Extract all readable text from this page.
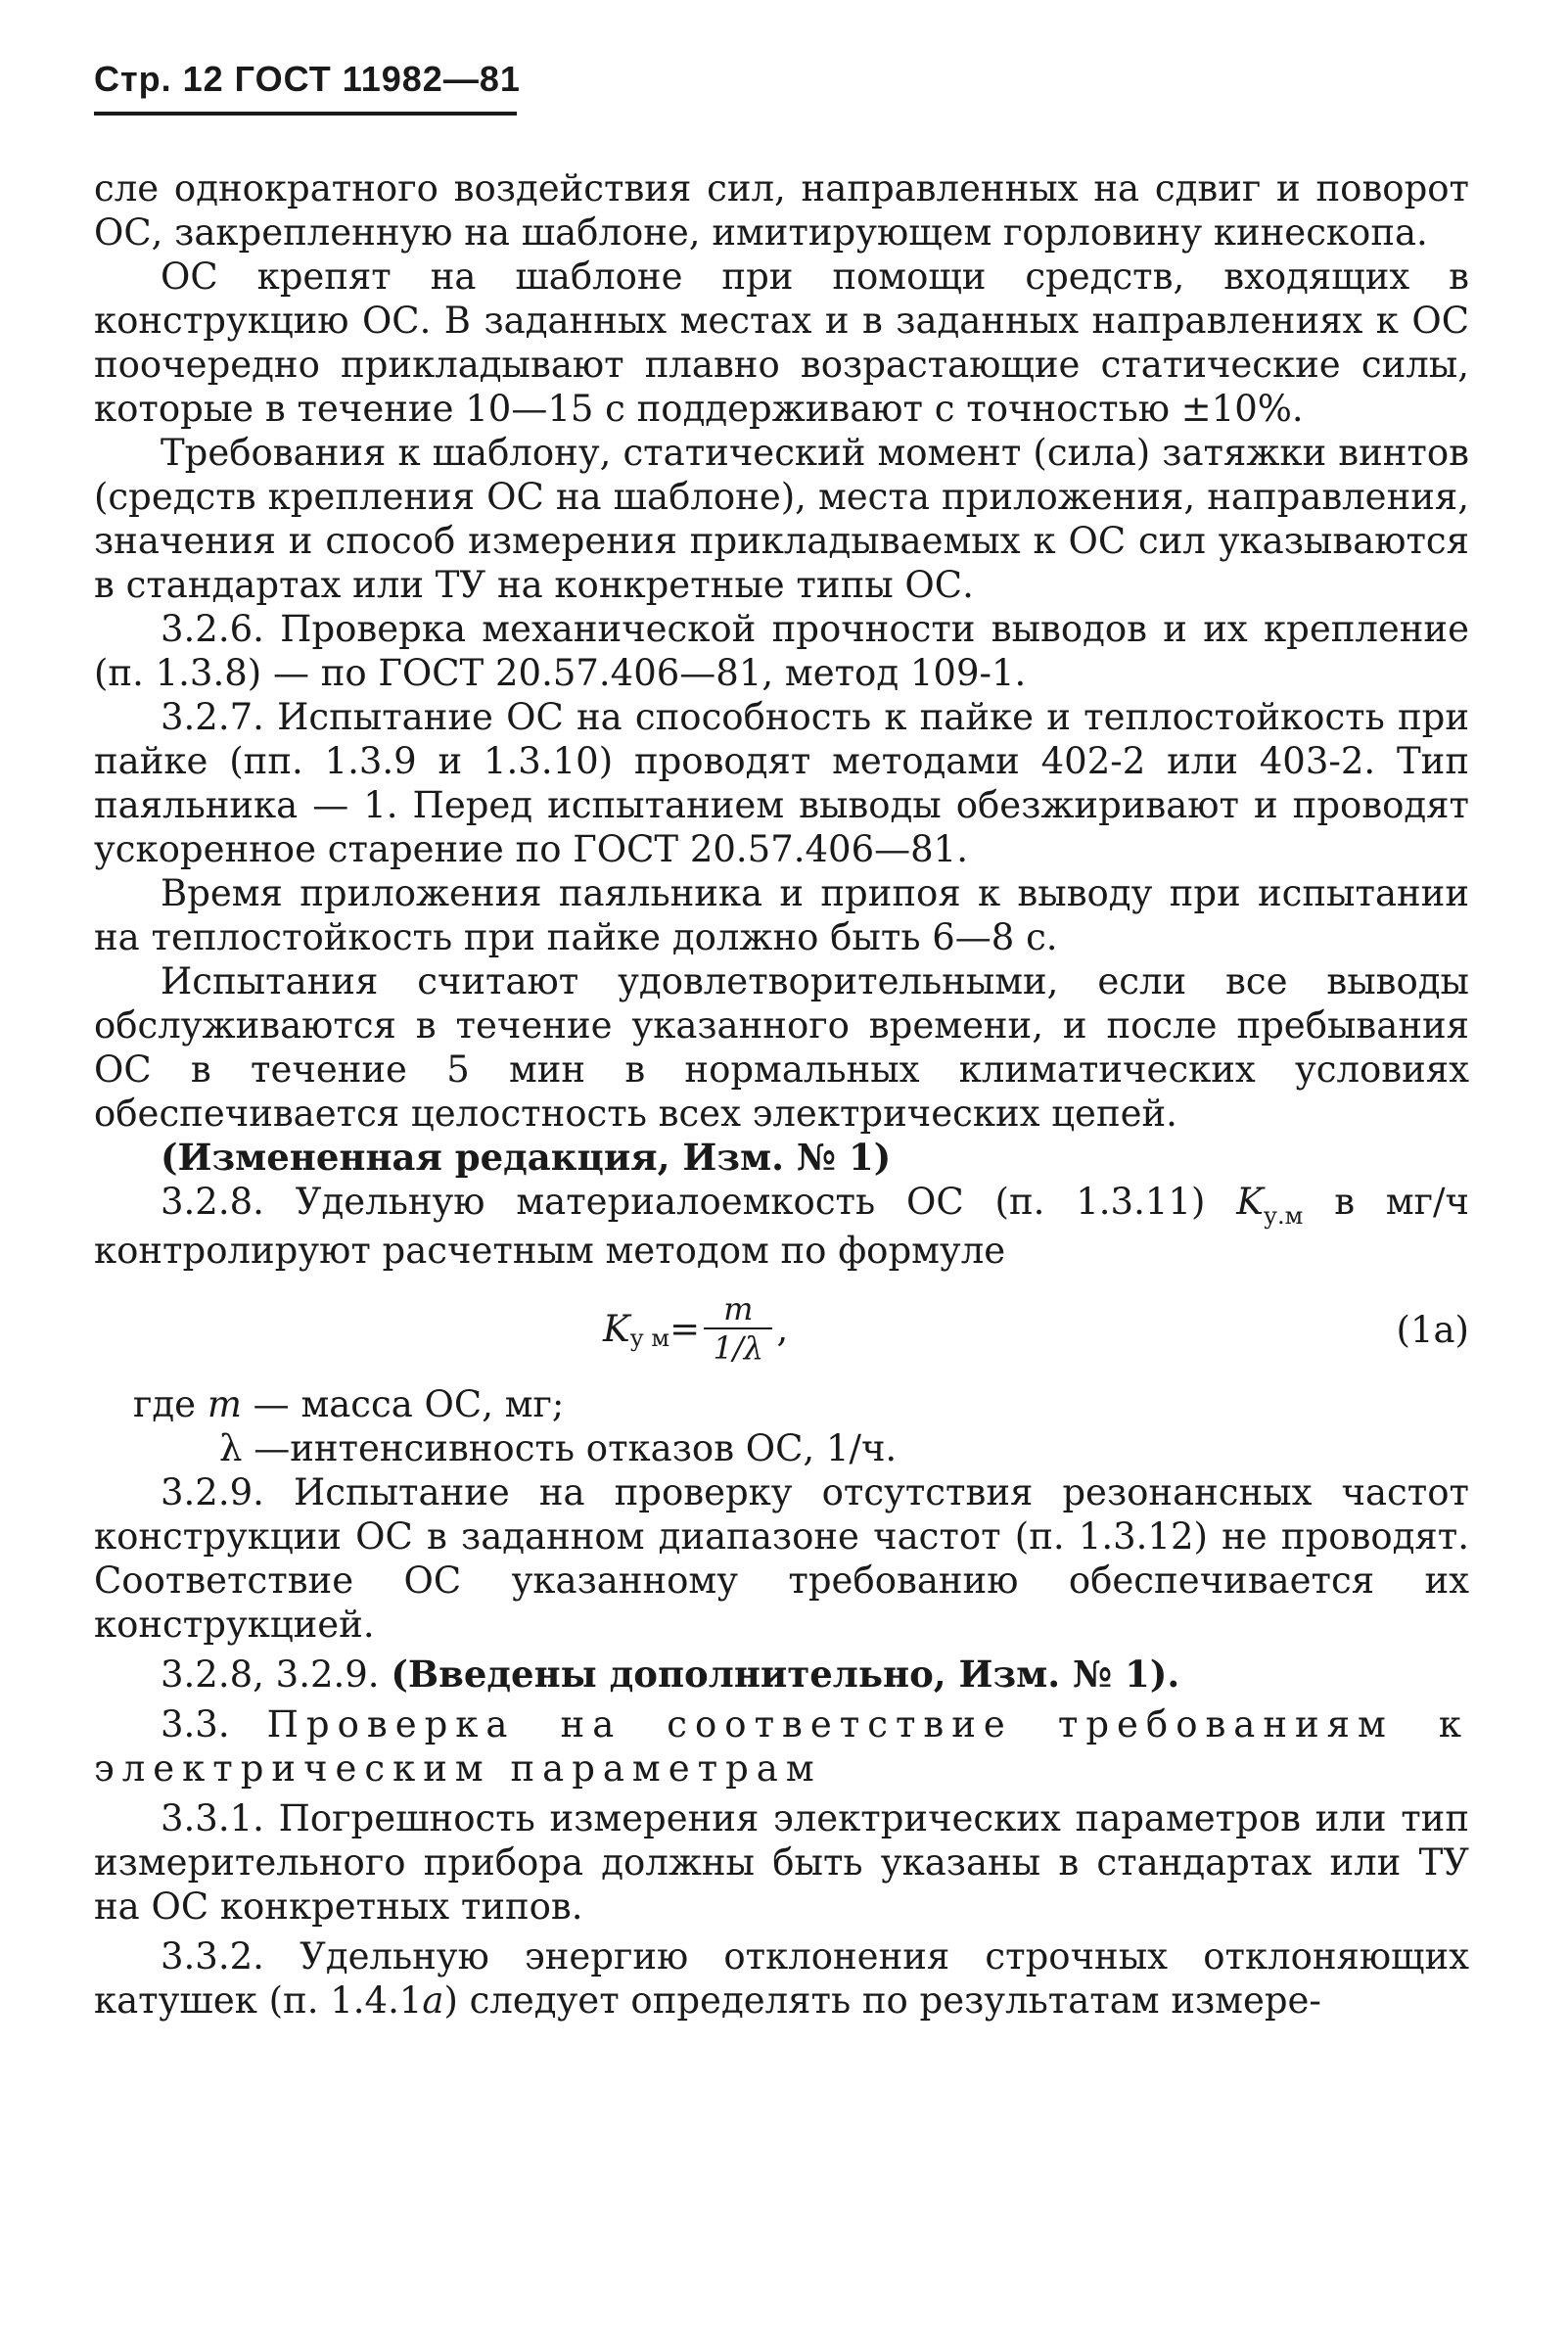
Стр. 12 ГОСТ 11982—81

сле однократного воздействия сил, направленных на сдвиг и поворот ОС, закрепленную на шаблоне, имитирующем горловину кинескопа.

ОС крепят на шаблоне при помощи средств, входящих в конструкцию ОС. В заданных местах и в заданных направлениях к ОС поочередно прикладывают плавно возрастающие статические силы, которые в течение 10—15 с поддерживают с точностью ±10%.

Требования к шаблону, статический момент (сила) затяжки винтов (средств крепления ОС на шаблоне), места приложения, направления, значения и способ измерения прикладываемых к ОС сил указываются в стандартах или ТУ на конкретные типы ОС.

3.2.6. Проверка механической прочности выводов и их крепление (п. 1.3.8) — по ГОСТ 20.57.406—81, метод 109-1.

3.2.7. Испытание ОС на способность к пайке и теплостойкость при пайке (пп. 1.3.9 и 1.3.10) проводят методами 402-2 или 403-2. Тип паяльника — 1. Перед испытанием выводы обезжиривают и проводят ускоренное старение по ГОСТ 20.57.406—81.

Время приложения паяльника и припоя к выводу при испытании на теплостойкость при пайке должно быть 6—8 с.

Испытания считают удовлетворительными, если все выводы обслуживаются в течение указанного времени, и после пребывания ОС в течение 5 мин в нормальных климатических условиях обеспечивается целостность всех электрических цепей.

(Измененная редакция, Изм. № 1)

3.2.8. Удельную материалоемкость ОС (п. 1.3.11) $K_{у.м}$ в мг/ч контролируют расчетным методом по формуле

K у $м = \frac{m}{1/\lambda}$ ,	(1а)

где m — масса ОС, мг;

λ —интенсивность отказов ОС, 1/ч.

3.2.9. Испытание на проверку отсутствия резонансных частот конструкции ОС в заданном диапазоне частот (п. 1.3.12) не проводят. Соответствие ОС указанному требованию обеспечивается их конструкцией.

3.2.8, 3.2.9. (Введены дополнительно, Изм. № 1).

3.3. Проверка на соответствие требованиям к электрическим параметрам

3.3.1. Погрешность измерения электрических параметров или тип измерительного прибора должны быть указаны в стандартах или ТУ на ОС конкретных типов.

3.3.2. Удельную энергию отклонения строчных отклоняющих катушек (п. 1.4.1а) следует определять по результатам измере-
